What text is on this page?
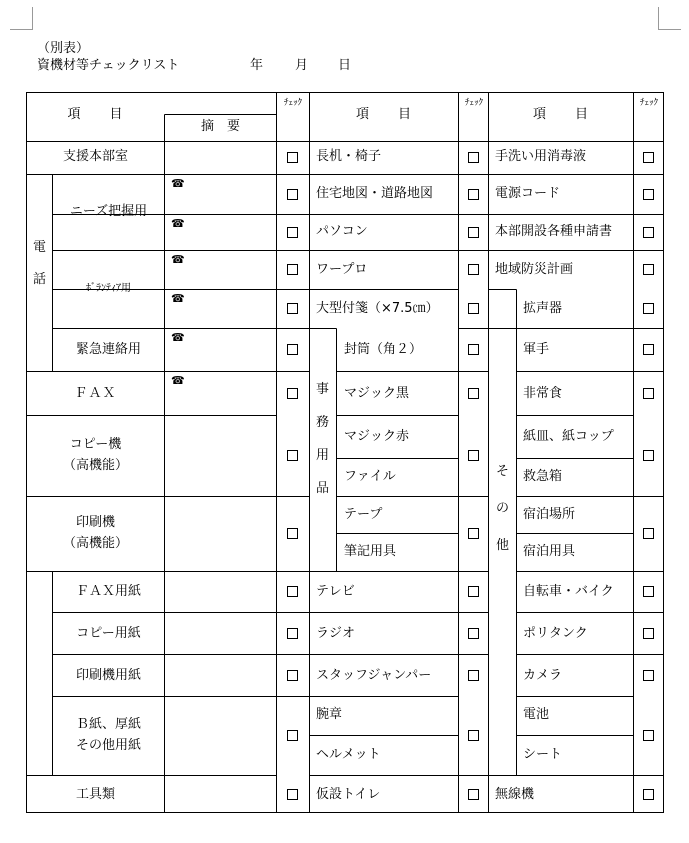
（別表）
資機材等チェックリスト	年 月 日
項　　目
摘　要
ﾁｪｯｸ
項　　目
ﾁｪｯｸ
項　　目
ﾁｪｯｸ
支援本部室
電話
ニーズ把握用
ﾎﾞﾗﾝﾃｨｱ用
緊急連絡用
ＦＡＸ
コピー機
（高機能）
印刷機
（高機能）
ＦＡＸ用紙
コピー用紙
印刷機用紙
Ｂ紙、厚紙
その他用紙
工具類
☎
☎
☎
☎
☎
☎
長机・椅子
住宅地図・道路地図
パソコン
ワープロ
大型付箋（×7.5㎝）
事務用品
封筒（角２）
マジック黒
マジック赤
ファイル
テープ
筆記用具
テレビ
ラジオ
スタッフジャンパー
腕章
ヘルメット
仮設トイレ
手洗い用消毒液
電源コード
本部開設各種申請書
地域防災計画
その他
拡声器
軍手
非常食
紙皿、紙コップ
救急箱
宿泊場所
宿泊用具
自転車・バイク
ポリタンク
カメラ
電池
シート
無線機
